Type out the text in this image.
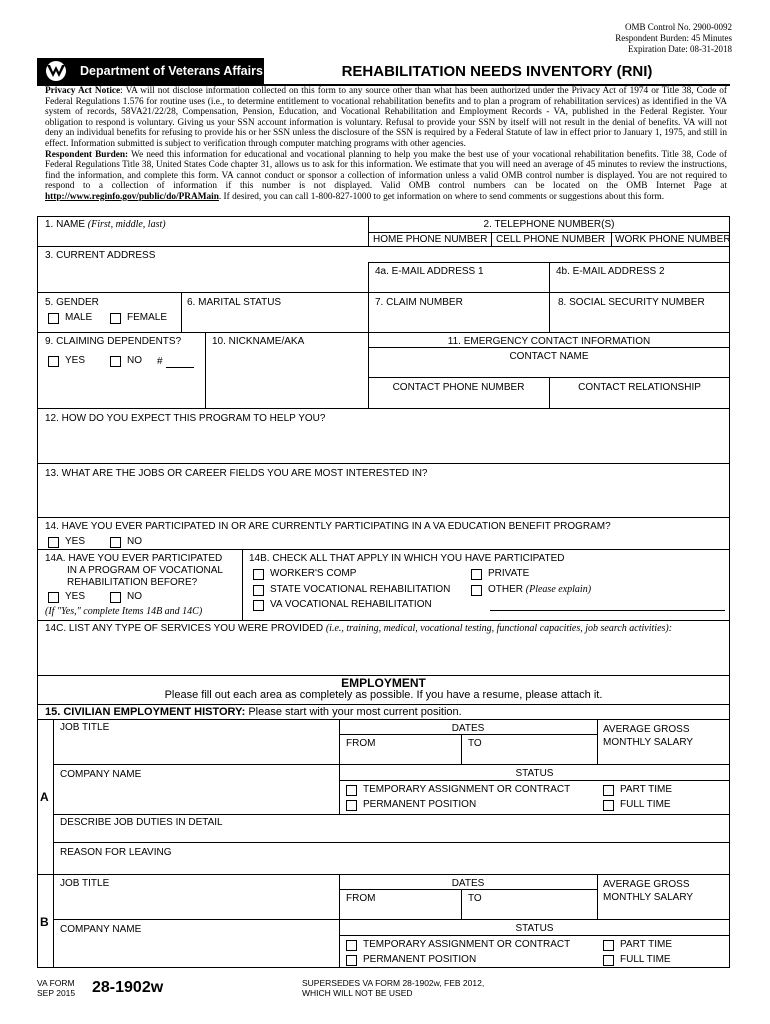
OMB Control No. 2900-0092
Respondent Burden: 45 Minutes
Expiration Date: 08-31-2018
Department of Veterans Affairs	REHABILITATION NEEDS INVENTORY (RNI)
Privacy Act Notice: VA will not disclose information collected on this form to any source other than what has been authorized under the Privacy Act of 1974 or Title 38, Code of Federal Regulations 1.576 for routine uses (i.e., to determine entitlement to vocational rehabilitation benefits and to plan a program of rehabilitation services) as identified in the VA system of records, 58VA21/22/28, Compensation, Pension, Education, and Vocational Rehabilitation and Employment Records - VA, published in the Federal Register. Your obligation to respond is voluntary. Giving us your SSN account information is voluntary. Refusal to provide your SSN by itself will not result in the denial of benefits. VA will not deny an individual benefits for refusing to provide his or her SSN unless the disclosure of the SSN is required by a Federal Statute of law in effect prior to January 1, 1975, and still in effect. Information submitted is subject to verification through computer matching programs with other agencies.
Respondent Burden: We need this information for educational and vocational planning to help you make the best use of your vocational rehabilitation benefits. Title 38, Code of Federal Regulations Title 38, United States Code chapter 31, allows us to ask for this information. We estimate that you will need an average of 45 minutes to review the instructions, find the information, and complete this form. VA cannot conduct or sponsor a collection of information unless a valid OMB control number is displayed. You are not required to respond to a collection of information if this number is not displayed. Valid OMB control numbers can be located on the OMB Internet Page at http://www.reginfo.gov/public/do/PRAMain. If desired, you can call 1-800-827-1000 to get information on where to send comments or suggestions about this form.
1. NAME (First, middle, last)	2. TELEPHONE NUMBER(S)
HOME PHONE NUMBER CELL PHONE NUMBER WORK PHONE NUMBER
3. CURRENT ADDRESS
4a. E-MAIL ADDRESS 1	4b. E-MAIL ADDRESS 2
5. GENDER
MALE	FEMALE
6. MARITAL STATUS	7. CLAIM NUMBER	8. SOCIAL SECURITY NUMBER
9. CLAIMING DEPENDENTS?
YES	NO #
10. NICKNAME/AKA	11. EMERGENCY CONTACT INFORMATION
CONTACT NAME
CONTACT PHONE NUMBER	CONTACT RELATIONSHIP
12. HOW DO YOU EXPECT THIS PROGRAM TO HELP YOU?
13. WHAT ARE THE JOBS OR CAREER FIELDS YOU ARE MOST INTERESTED IN?
14. HAVE YOU EVER PARTICIPATED IN OR ARE CURRENTLY PARTICIPATING IN A VA EDUCATION BENEFIT PROGRAM?
YES	NO
14A. HAVE YOU EVER PARTICIPATED
IN A PROGRAM OF VOCATIONAL
REHABILITATION BEFORE?
YES	NO
(If "Yes," complete Items 14B and 14C)
14B. CHECK ALL THAT APPLY IN WHICH YOU HAVE PARTICIPATED
WORKER'S COMP
STATE VOCATIONAL REHABILITATION
VA VOCATIONAL REHABILITATION
PRIVATE
OTHER (Please explain)
14C. LIST ANY TYPE OF SERVICES YOU WERE PROVIDED (i.e., training, medical, vocational testing, functional capacities, job search activities):
EMPLOYMENT
Please fill out each area as completely as possible. If you have a resume, please attach it.
15. CIVILIAN EMPLOYMENT HISTORY: Please start with your most current position.
A
JOB TITLE	DATES
FROM	TO
AVERAGE GROSS
MONTHLY SALARY
COMPANY NAME	STATUS
TEMPORARY ASSIGNMENT OR CONTRACT
PERMANENT POSITION
PART TIME
FULL TIME
DESCRIBE JOB DUTIES IN DETAIL
REASON FOR LEAVING
B
JOB TITLE	DATES
FROM	TO
AVERAGE GROSS
MONTHLY SALARY
COMPANY NAME	STATUS
TEMPORARY ASSIGNMENT OR CONTRACT
PERMANENT POSITION
PART TIME
FULL TIME
VA FORM
SEP 2015 28-1902w	SUPERSEDES VA FORM 28-1902w, FEB 2012,
WHICH WILL NOT BE USED
